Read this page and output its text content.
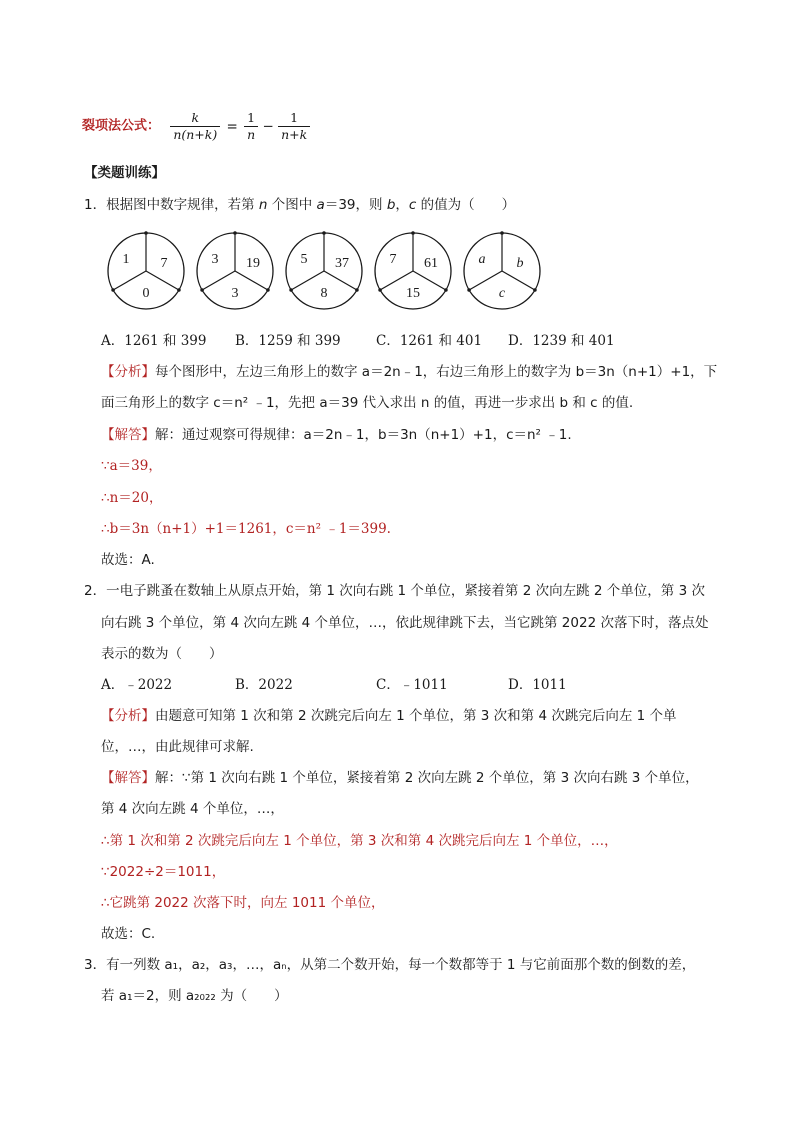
裂项法公式： $\frac{k}{n(n+k)} = \frac{1}{n} - \frac{1}{n+k}$
【类题训练】
1．根据图中数字规律，若第 n 个图中 a＝39，则 b，c 的值为（　　）
1 7
0
3 19
3
5 37
8
7 61
15
a b
c
A．1261 和 399 B．1259 和 399	C．1261 和 401 D．1239 和 401
【分析】每个图形中，左边三角形上的数字 a＝2n﹣1，右边三角形上的数字为 b＝3n（n+1）+1，下
面三角形上的数字 c＝n² ﹣1，先把 a＝39 代入求出 n 的值，再进一步求出 b 和 c 的值.
【解答】解：通过观察可得规律：a＝2n﹣1，b＝3n（n+1）+1，c＝n² ﹣1.
∵a＝39，
∴n＝20，
∴b＝3n（n+1）+1＝1261，c＝n² ﹣1＝399.
故选：A.
2．一电子跳蚤在数轴上从原点开始，第 1 次向右跳 1 个单位，紧接着第 2 次向左跳 2 个单位，第 3 次
向右跳 3 个单位，第 4 次向左跳 4 个单位，…，依此规律跳下去，当它跳第 2022 次落下时，落点处
表示的数为（　　）
A．﹣2022	B．2022	C．﹣1011	D．1011
【分析】由题意可知第 1 次和第 2 次跳完后向左 1 个单位，第 3 次和第 4 次跳完后向左 1 个单
位，…，由此规律可求解.
【解答】解：∵第 1 次向右跳 1 个单位，紧接着第 2 次向左跳 2 个单位，第 3 次向右跳 3 个单位，
第 4 次向左跳 4 个单位，…，
∴第 1 次和第 2 次跳完后向左 1 个单位，第 3 次和第 4 次跳完后向左 1 个单位，…，
∵2022÷2＝1011，
∴它跳第 2022 次落下时，向左 1011 个单位，
故选：C.
3．有一列数 a₁，a₂，a₃，…，aₙ，从第二个数开始，每一个数都等于 1 与它前面那个数的倒数的差，
若 a₁＝2，则 a₂₀₂₂ 为（　　）
